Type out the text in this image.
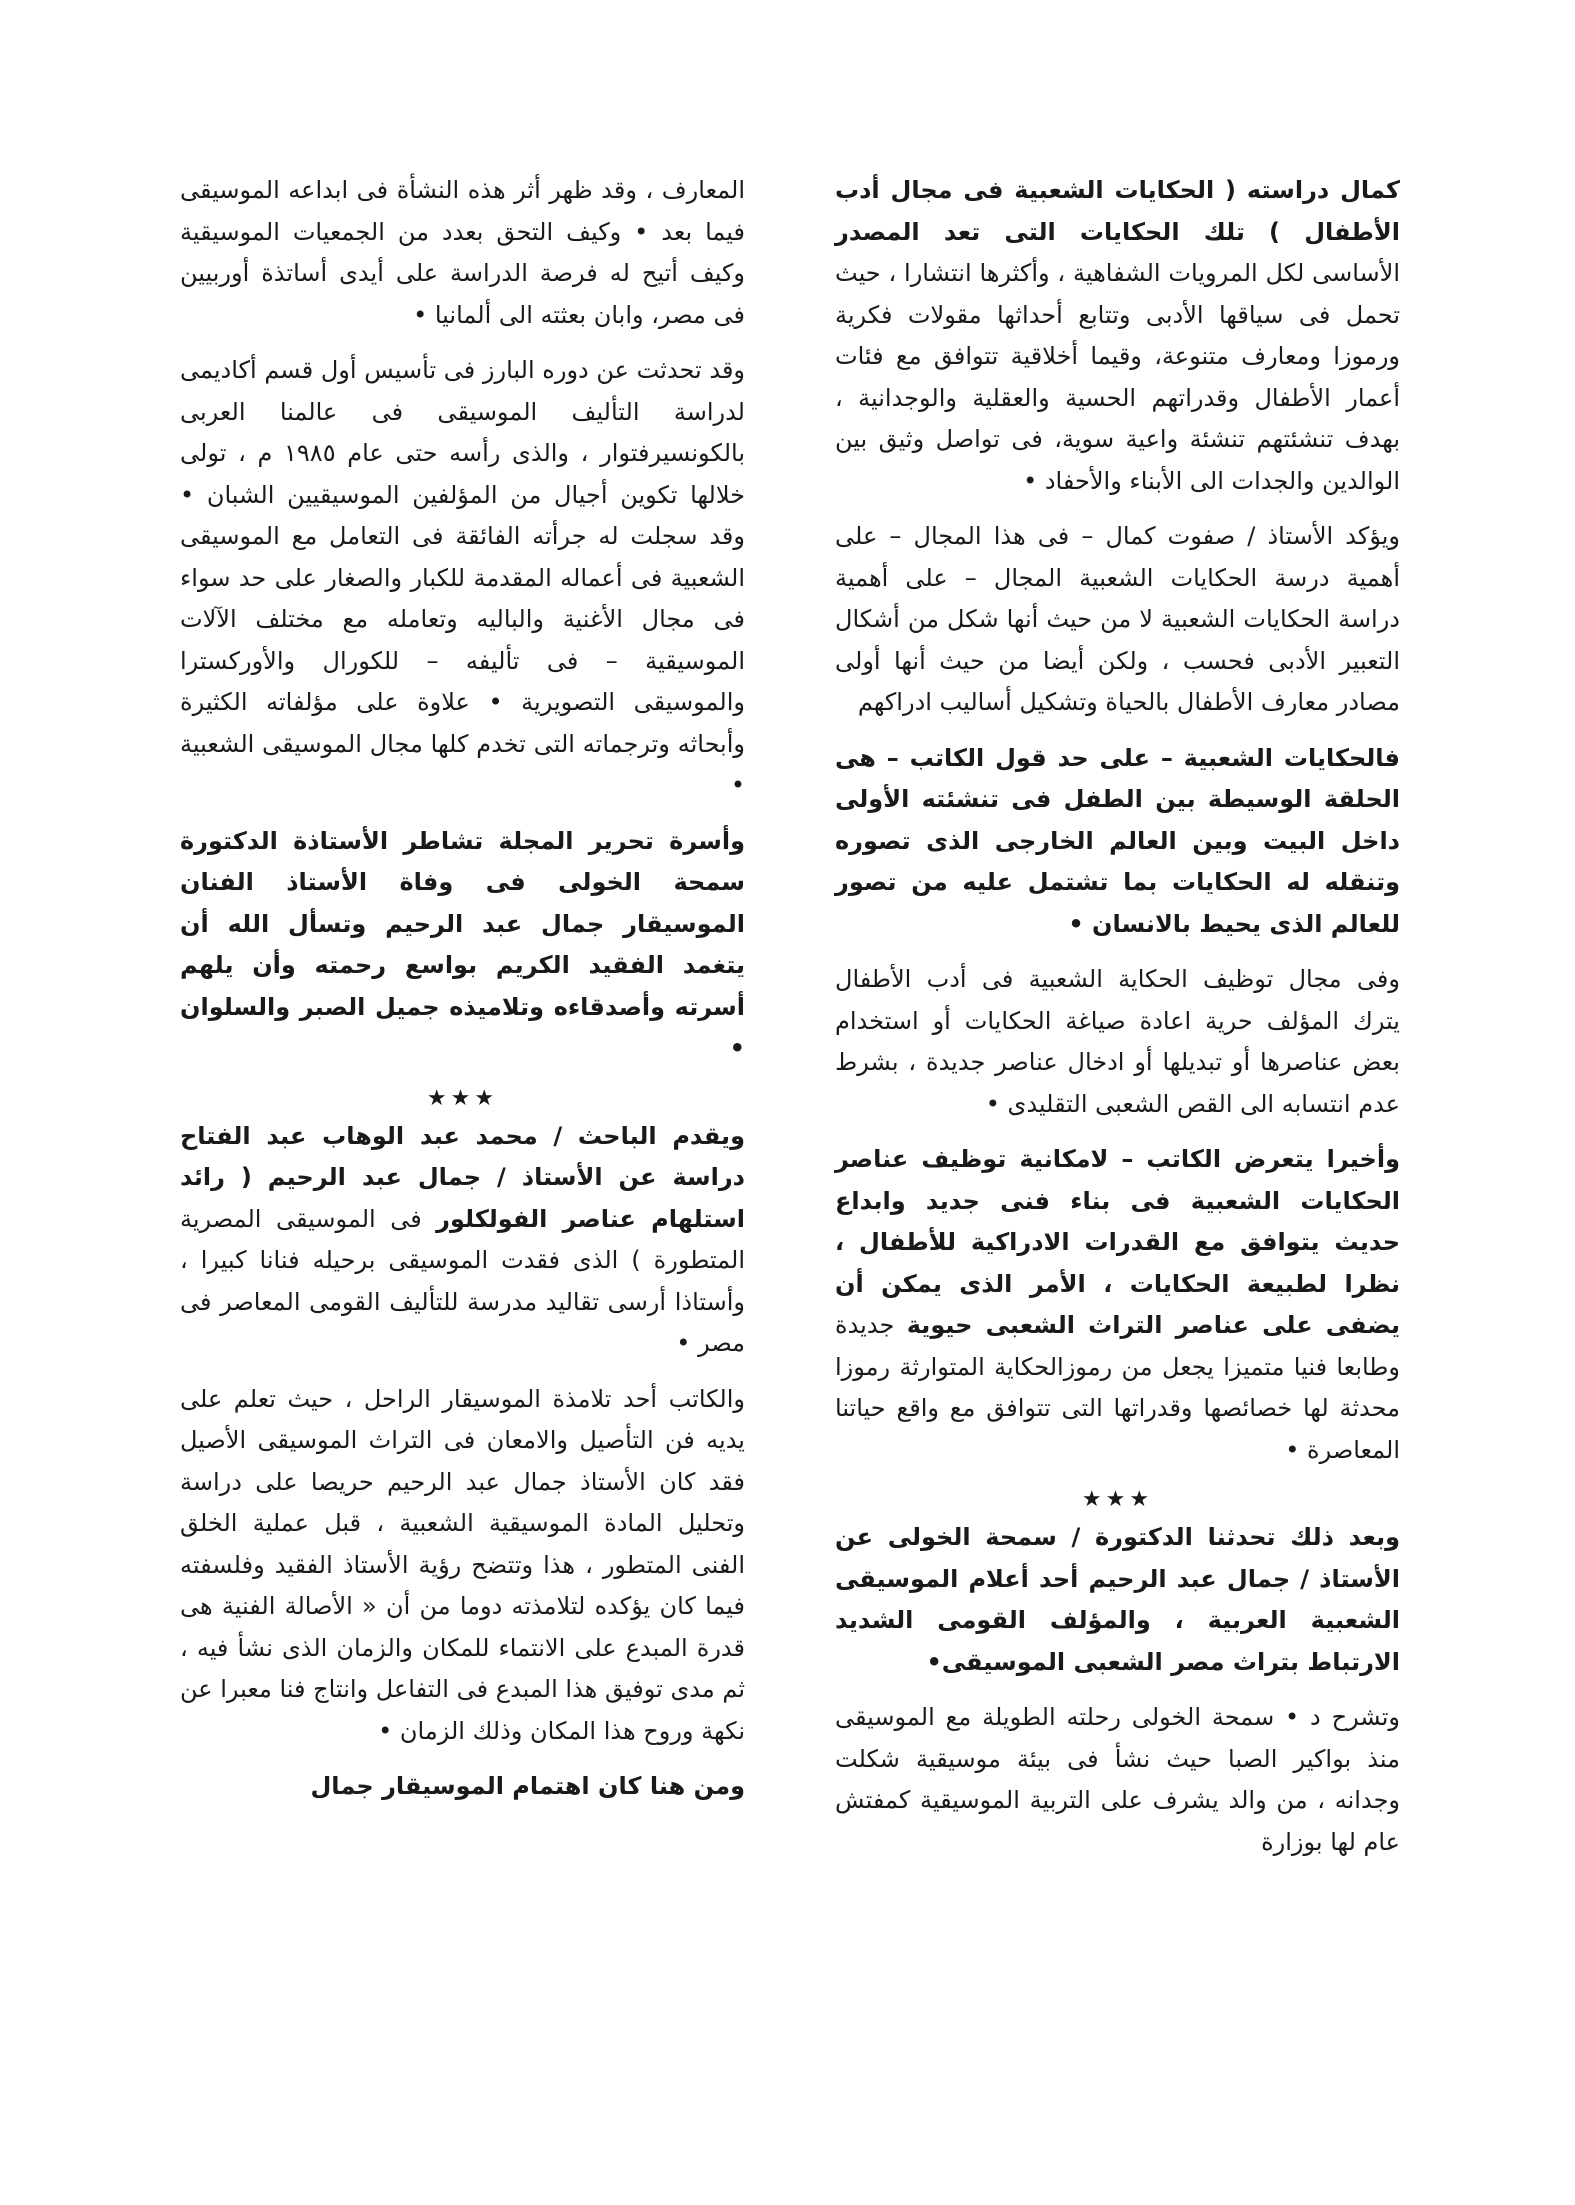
كمال دراسته ( الحكايات الشعبية فى مجال أدب الأطفال ) تلك الحكايات التى تعد المصدر الأساسى لكل المرويات الشفاهية ، وأكثرها انتشارا ، حيث تحمل فى سياقها الأدبى وتتابع أحداثها مقولات فكرية ورموزا ومعارف متنوعة، وقيما أخلاقية تتوافق مع فئات أعمار الأطفال وقدراتهم الحسية والعقلية والوجدانية ، بهدف تنشئتهم تنشئة واعية سوية، فى تواصل وثيق بين الوالدين والجدات الى الأبناء والأحفاد •

ويؤكد الأستاذ / صفوت كمال – فى هذا المجال – على أهمية درسة الحكايات الشعبية المجال – على أهمية دراسة الحكايات الشعبية لا من حيث أنها شكل من أشكال التعبير الأدبى فحسب ، ولكن أيضا من حيث أنها أولى مصادر معارف الأطفال بالحياة وتشكيل أساليب ادراكهم

فالحكايات الشعبية – على حد قول الكاتب – هى الحلقة الوسيطة بين الطفل فى تنشئته الأولى داخل البيت وبين العالم الخارجى الذى تصوره وتنقله له الحكايات بما تشتمل عليه من تصور للعالم الذى يحيط بالانسان •

وفى مجال توظيف الحكاية الشعبية فى أدب الأطفال يترك المؤلف حرية اعادة صياغة الحكايات أو استخدام بعض عناصرها أو تبديلها أو ادخال عناصر جديدة ، بشرط عدم انتسابه الى القص الشعبى التقليدى •

وأخيرا يتعرض الكاتب – لامكانية توظيف عناصر الحكايات الشعبية فى بناء فنى جديد وابداع حديث يتوافق مع القدرات الادراكية للأطفال ، نظرا لطبيعة الحكايات ، الأمر الذى يمكن أن يضفى على عناصر التراث الشعبى حيوية جديدة وطابعا فنيا متميزا يجعل من رموزالحكاية المتوارثة رموزا محدثة لها خصائصها وقدراتها التى تتوافق مع واقع حياتنا المعاصرة •

★★★

وبعد ذلك تحدثنا الدكتورة / سمحة الخولى عن الأستاذ / جمال عبد الرحيم أحد أعلام الموسيقى الشعبية العربية ، والمؤلف القومى الشديد الارتباط بتراث مصر الشعبى الموسيقى•

وتشرح د • سمحة الخولى رحلته الطويلة مع الموسيقى منذ بواكير الصبا حيث نشأ فى بيئة موسيقية شكلت وجدانه ، من والد يشرف على التربية الموسيقية كمفتش عام لها بوزارة

المعارف ، وقد ظهر أثر هذه النشأة فى ابداعه الموسيقى فيما بعد • وكيف التحق بعدد من الجمعيات الموسيقية وكيف أتيح له فرصة الدراسة على أيدى أساتذة أوربيين فى مصر، وابان بعثته الى ألمانيا •

وقد تحدثت عن دوره البارز فى تأسيس أول قسم أكاديمى لدراسة التأليف الموسيقى فى عالمنا العربى بالكونسيرفتوار ، والذى رأسه حتى عام ١٩٨٥ م ، تولى خلالها تكوين أجيال من المؤلفين الموسيقيين الشبان • وقد سجلت له جرأته الفائقة فى التعامل مع الموسيقى الشعبية فى أعماله المقدمة للكبار والصغار على حد سواء فى مجال الأغنية والباليه وتعامله مع مختلف الآلات الموسيقية – فى تأليفه – للكورال والأوركسترا والموسيقى التصويرية • علاوة على مؤلفاته الكثيرة وأبحاثه وترجماته التى تخدم كلها مجال الموسيقى الشعبية •

وأسرة تحرير المجلة تشاطر الأستاذة الدكتورة سمحة الخولى فى وفاة الأستاذ الفنان الموسيقار جمال عبد الرحيم وتسأل الله أن يتغمد الفقيد الكريم بواسع رحمته وأن يلهم أسرته وأصدقاءه وتلاميذه جميل الصبر والسلوان •

★★★

ويقدم الباحث / محمد عبد الوهاب عبد الفتاح دراسة عن الأستاذ / جمال عبد الرحيم ( رائد استلهام عناصر الفولكلور فى الموسيقى المصرية المتطورة ) الذى فقدت الموسيقى برحيله فنانا كبيرا ، وأستاذا أرسى تقاليد مدرسة للتأليف القومى المعاصر فى مصر •

والكاتب أحد تلامذة الموسيقار الراحل ، حيث تعلم على يديه فن التأصيل والامعان فى التراث الموسيقى الأصيل فقد كان الأستاذ جمال عبد الرحيم حريصا على دراسة وتحليل المادة الموسيقية الشعبية ، قبل عملية الخلق الفنى المتطور ، هذا وتتضح رؤية الأستاذ الفقيد وفلسفته فيما كان يؤكده لتلامذته دوما من أن « الأصالة الفنية هى قدرة المبدع على الانتماء للمكان والزمان الذى نشأ فيه ، ثم مدى توفيق هذا المبدع فى التفاعل وانتاج فنا معبرا عن نكهة وروح هذا المكان وذلك الزمان •

ومن هنا كان اهتمام الموسيقار جمال
